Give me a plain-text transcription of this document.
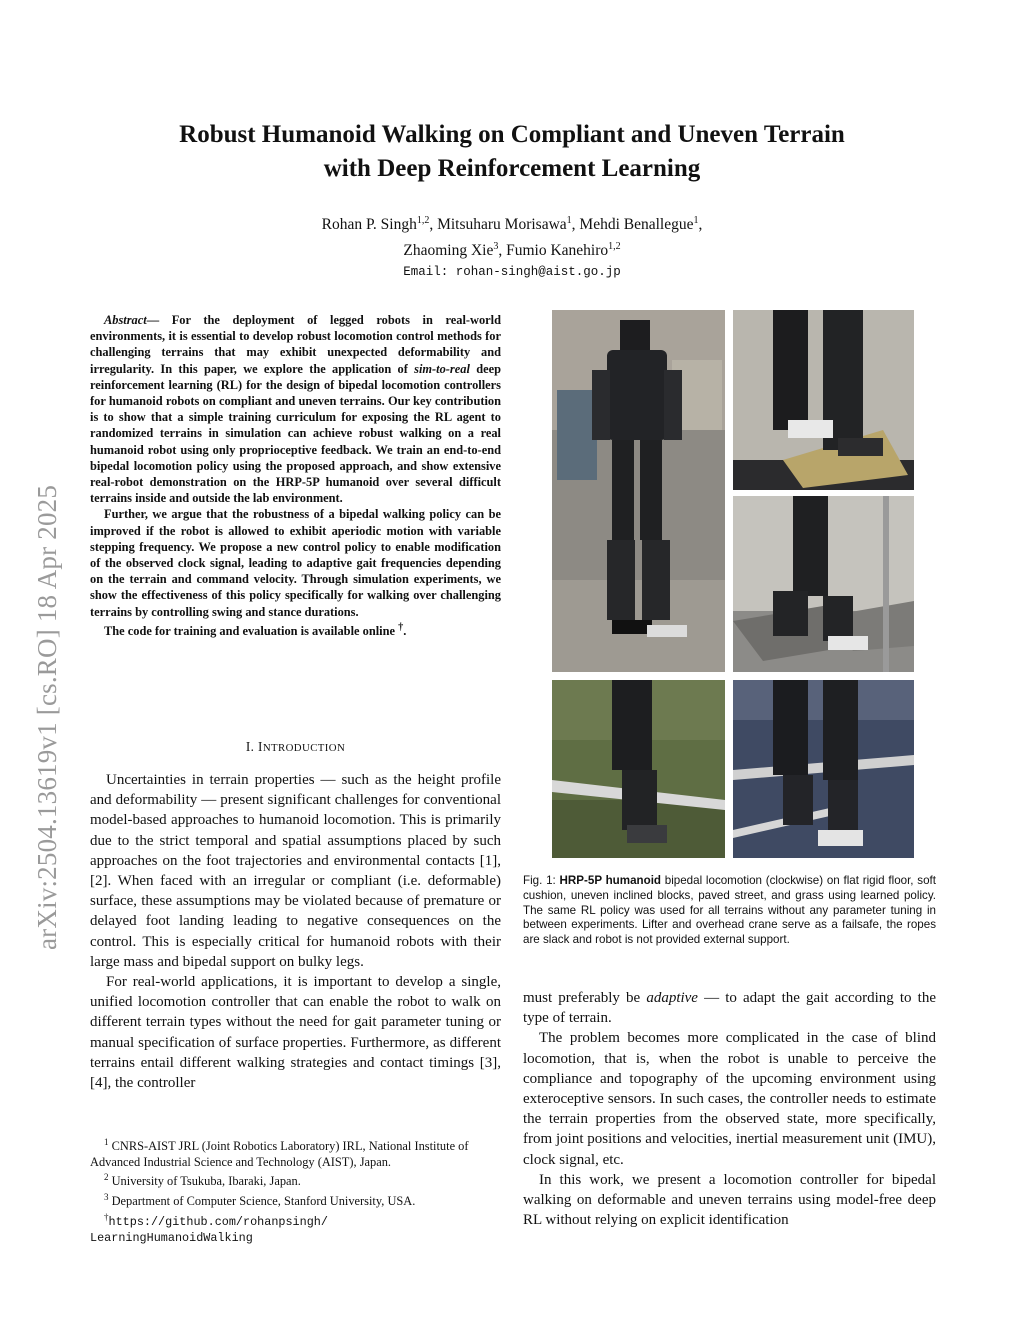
arXiv:2504.13619v1 [cs.RO] 18 Apr 2025
Robust Humanoid Walking on Compliant and Uneven Terrain
with Deep Reinforcement Learning
Rohan P. Singh$^{1,2}$, Mitsuharu Morisawa$^1$, Mehdi Benallegue$^1$,
Zhaoming Xie$^3$, Fumio Kanehiro$^{1,2}$
Email: rohan-singh@aist.go.jp

Abstract— For the deployment of legged robots in real-world environments, it is essential to develop robust locomotion control methods for challenging terrains that may exhibit unexpected deformability and irregularity. In this paper, we explore the application of sim-to-real deep reinforcement learning (RL) for the design of bipedal locomotion controllers for humanoid robots on compliant and uneven terrains. Our key contribution is to show that a simple training curriculum for exposing the RL agent to randomized terrains in simulation can achieve robust walking on a real humanoid robot using only proprioceptive feedback. We train an end-to-end bipedal locomotion policy using the proposed approach, and show extensive real-robot demonstration on the HRP-5P humanoid over several difficult terrains inside and outside the lab environment.

Further, we argue that the robustness of a bipedal walking policy can be improved if the robot is allowed to exhibit aperiodic motion with variable stepping frequency. We propose a new control policy to enable modification of the observed clock signal, leading to adaptive gait frequencies depending on the terrain and command velocity. Through simulation experiments, we show the effectiveness of this policy specifically for walking over challenging terrains by controlling swing and stance durations.

The code for training and evaluation is available online †.

I. INTRODUCTION

Uncertainties in terrain properties — such as the height profile and deformability — present significant challenges for conventional model-based approaches to humanoid locomotion. This is primarily due to the strict temporal and spatial assumptions placed by such approaches on the foot trajectories and environmental contacts [1], [2]. When faced with an irregular or compliant (i.e. deformable) surface, these assumptions may be violated because of premature or delayed foot landing leading to negative consequences on the control. This is especially critical for humanoid robots with their large mass and bipedal support on bulky legs.

For real-world applications, it is important to develop a single, unified locomotion controller that can enable the robot to walk on different terrain types without the need for gait parameter tuning or manual specification of surface properties. Furthermore, as different terrains entail different walking strategies and contact timings [3], [4], the controller

$^1$ CNRS-AIST JRL (Joint Robotics Laboratory) IRL, National Institute of Advanced Industrial Science and Technology (AIST), Japan.
$^2$ University of Tsukuba, Ibaraki, Japan.
$^3$ Department of Computer Science, Stanford University, USA.
†https://github.com/rohanpsingh/
LearningHumanoidWalking
Fig. 1: HRP-5P humanoid bipedal locomotion (clockwise) on flat rigid floor, soft cushion, uneven inclined blocks, paved street, and grass using learned policy. The same RL policy was used for all terrains without any parameter tuning in between experiments. Lifter and overhead crane serve as a failsafe, the ropes are slack and robot is not provided external support.

must preferably be adaptive — to adapt the gait according to the type of terrain.

The problem becomes more complicated in the case of blind locomotion, that is, when the robot is unable to perceive the compliance and topography of the upcoming environment using exteroceptive sensors. In such cases, the controller needs to estimate the terrain properties from the observed state, more specifically, from joint positions and velocities, inertial measurement unit (IMU), clock signal, etc.

In this work, we present a locomotion controller for bipedal walking on deformable and uneven terrains using model-free deep RL without relying on explicit identification
